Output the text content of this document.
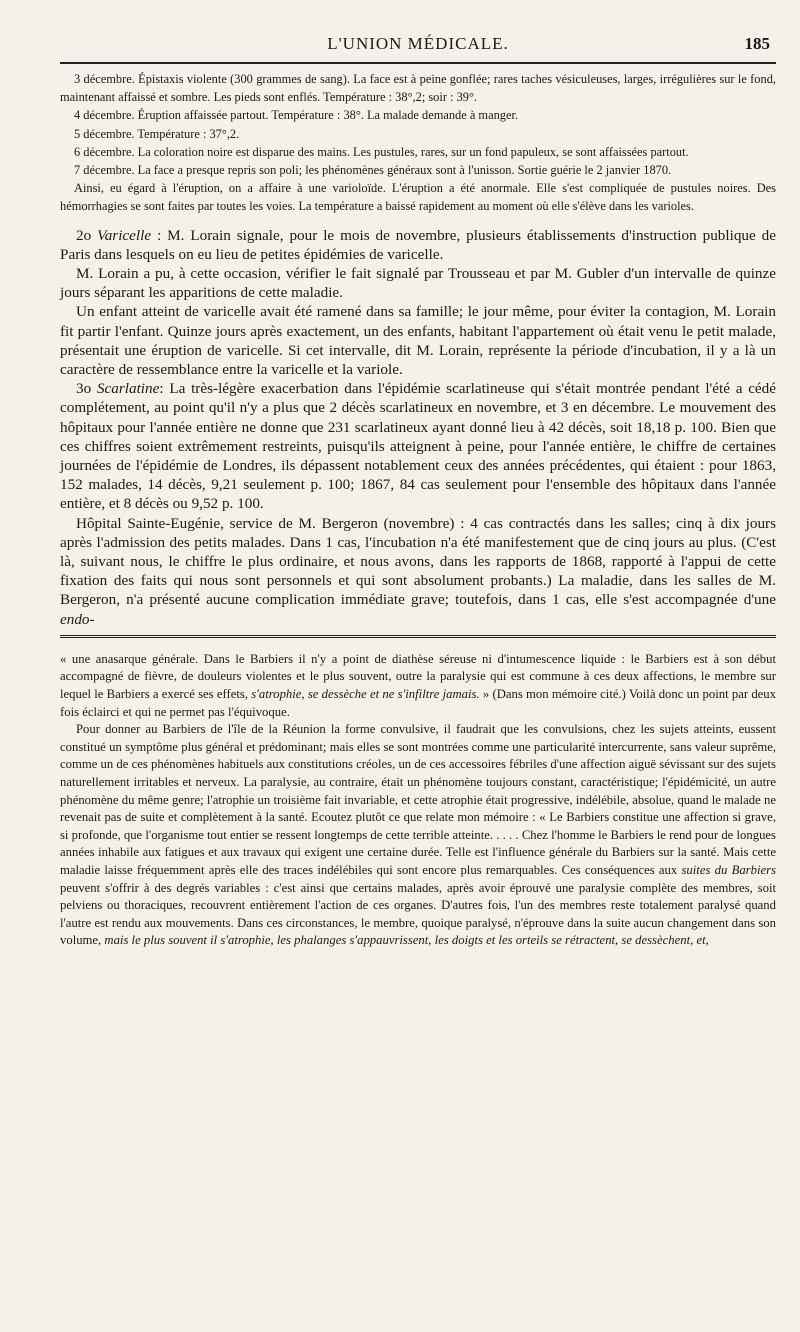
L'UNION MÉDICALE.	185

3 décembre. Épistaxis violente (300 grammes de sang). La face est à peine gonflée; rares taches vésiculeuses, larges, irrégulières sur le fond, maintenant affaissé et sombre. Les pieds sont enflés. Température : 38°,2; soir : 39°.

4 décembre. Éruption affaissée partout. Température : 38°. La malade demande à manger.

5 décembre. Température : 37°,2.

6 décembre. La coloration noire est disparue des mains. Les pustules, rares, sur un fond papuleux, se sont affaissées partout.

7 décembre. La face a presque repris son poli; les phénomènes généraux sont à l'unisson. Sortie guérie le 2 janvier 1870.

Ainsi, eu égard à l'éruption, on a affaire à une varioloïde. L'éruption a été anormale. Elle s'est compliquée de pustules noires. Des hémorrhagies se sont faites par toutes les voies. La température a baissé rapidement au moment où elle s'élève dans les varioles.

2o Varicelle : M. Lorain signale, pour le mois de novembre, plusieurs établissements d'instruction publique de Paris dans lesquels on eu lieu de petites épidémies de varicelle.

M. Lorain a pu, à cette occasion, vérifier le fait signalé par Trousseau et par M. Gubler d'un intervalle de quinze jours séparant les apparitions de cette maladie.

Un enfant atteint de varicelle avait été ramené dans sa famille; le jour même, pour éviter la contagion, M. Lorain fit partir l'enfant. Quinze jours après exactement, un des enfants, habitant l'appartement où était venu le petit malade, présentait une éruption de varicelle. Si cet intervalle, dit M. Lorain, représente la période d'incubation, il y a là un caractère de ressemblance entre la varicelle et la variole.

3o Scarlatine: La très-légère exacerbation dans l'épidémie scarlatineuse qui s'était montrée pendant l'été a cédé complétement, au point qu'il n'y a plus que 2 décès scarlatineux en novembre, et 3 en décembre. Le mouvement des hôpitaux pour l'année entière ne donne que 231 scarlatineux ayant donné lieu à 42 décès, soit 18,18 p. 100. Bien que ces chiffres soient extrêmement restreints, puisqu'ils atteignent à peine, pour l'année entière, le chiffre de certaines journées de l'épidémie de Londres, ils dépassent notablement ceux des années précédentes, qui étaient : pour 1863, 152 malades, 14 décès, 9,21 seulement p. 100; 1867, 84 cas seulement pour l'ensemble des hôpitaux dans l'année entière, et 8 décès ou 9,52 p. 100.

Hôpital Sainte-Eugénie, service de M. Bergeron (novembre) : 4 cas contractés dans les salles; cinq à dix jours après l'admission des petits malades. Dans 1 cas, l'incubation n'a été manifestement que de cinq jours au plus. (C'est là, suivant nous, le chiffre le plus ordinaire, et nous avons, dans les rapports de 1868, rapporté à l'appui de cette fixation des faits qui nous sont personnels et qui sont absolument probants.) La maladie, dans les salles de M. Bergeron, n'a présenté aucune complication immédiate grave; toutefois, dans 1 cas, elle s'est accompagnée d'une endo-

« une anasarque générale. Dans le Barbiers il n'y a point de diathèse séreuse ni d'intumescence liquide : le Barbiers est à son début accompagné de fièvre, de douleurs violentes et le plus souvent, outre la paralysie qui est commune à ces deux affections, le membre sur lequel le Barbiers a exercé ses effets, s'atrophie, se dessèche et ne s'infiltre jamais. » (Dans mon mémoire cité.) Voilà donc un point par deux fois éclairci et qui ne permet pas l'équivoque.

Pour donner au Barbiers de l'île de la Réunion la forme convulsive, il faudrait que les convulsions, chez les sujets atteints, eussent constitué un symptôme plus général et prédominant; mais elles se sont montrées comme une particularité intercurrente, sans valeur suprême, comme un de ces phénomènes habituels aux constitutions créoles, un de ces accessoires fébriles d'une affection aiguë sévissant sur des sujets naturellement irritables et nerveux. La paralysie, au contraire, était un phénomène toujours constant, caractéristique; l'épidémicité, un autre phénomène du même genre; l'atrophie un troisième fait invariable, et cette atrophie était progressive, indélébile, absolue, quand le malade ne revenait pas de suite et complètement à la santé. Ecoutez plutôt ce que relate mon mémoire : « Le Barbiers constitue une affection si grave, si profonde, que l'organisme tout entier se ressent longtemps de cette terrible atteinte. . . . . Chez l'homme le Barbiers le rend pour de longues années inhabile aux fatigues et aux travaux qui exigent une certaine durée. Telle est l'influence générale du Barbiers sur la santé. Mais cette maladie laisse fréquemment après elle des traces indélébiles qui sont encore plus remarquables. Ces conséquences aux suites du Barbiers peuvent s'offrir à des degrés variables : c'est ainsi que certains malades, après avoir éprouvé une paralysie complète des membres, soit pelviens ou thoraciques, recouvrent entièrement l'action de ces organes. D'autres fois, l'un des membres reste totalement paralysé quand l'autre est rendu aux mouvements. Dans ces circonstances, le membre, quoique paralysé, n'éprouve dans la suite aucun changement dans son volume, mais le plus souvent il s'atrophie, les phalanges s'appauvrissent, les doigts et les orteils se rétractent, se dessèchent, et,
